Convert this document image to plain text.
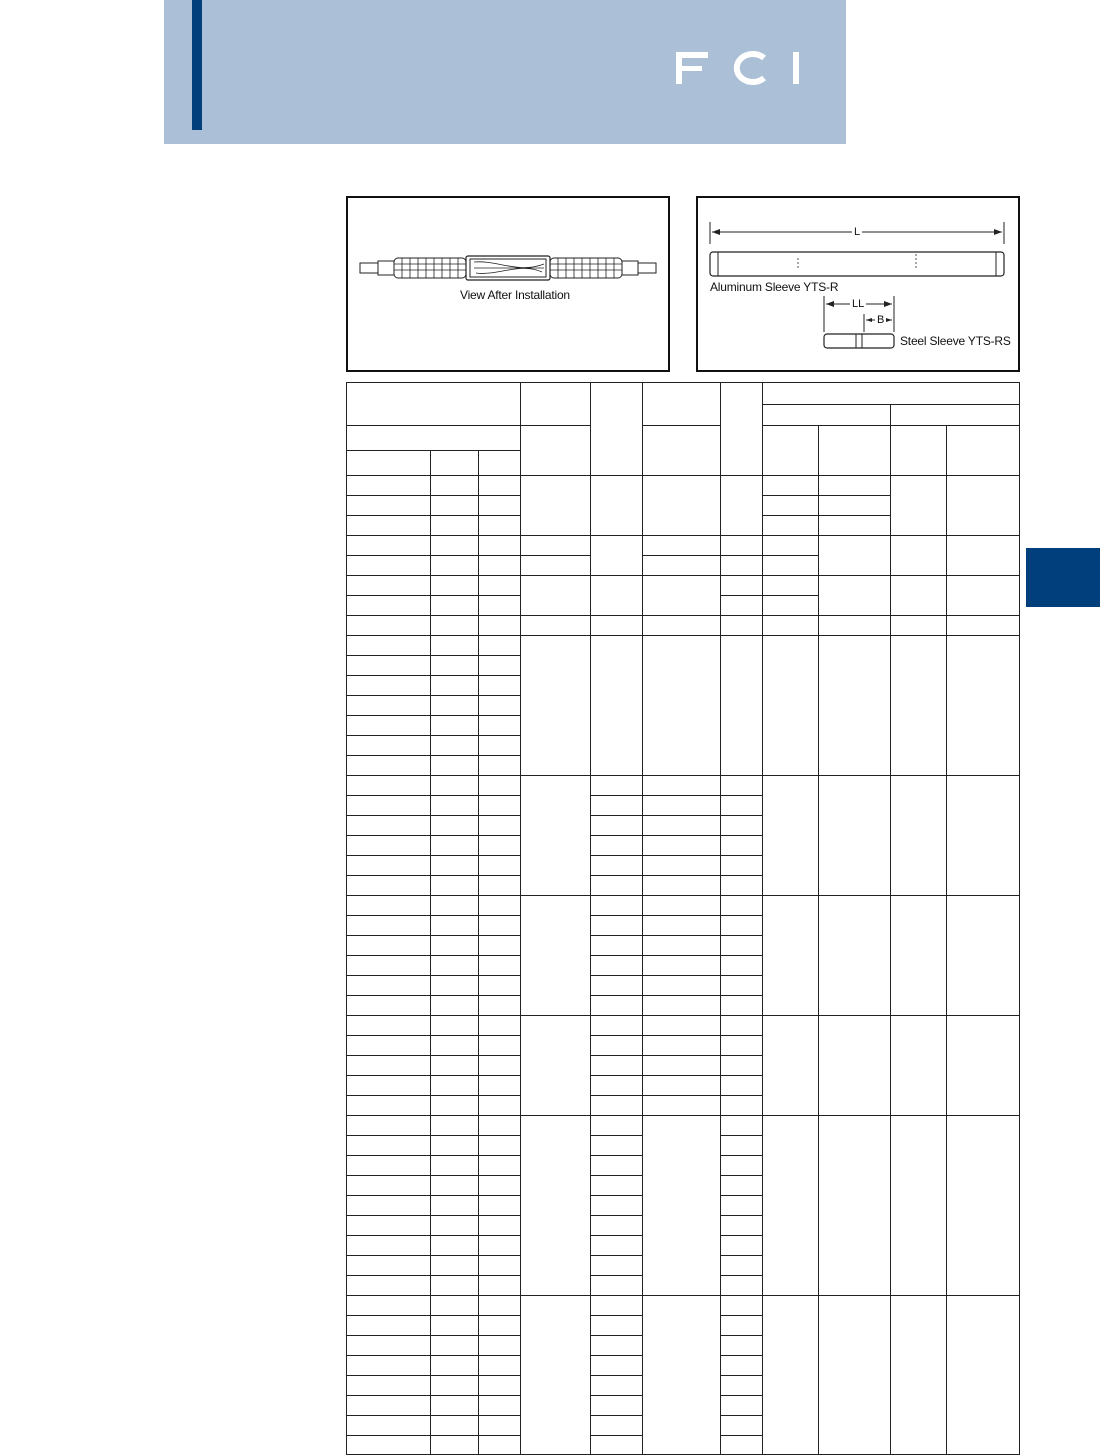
View After Installation
L
LL
B
Aluminum Sleeve YTS-R
Steel Sleeve YTS-RS
